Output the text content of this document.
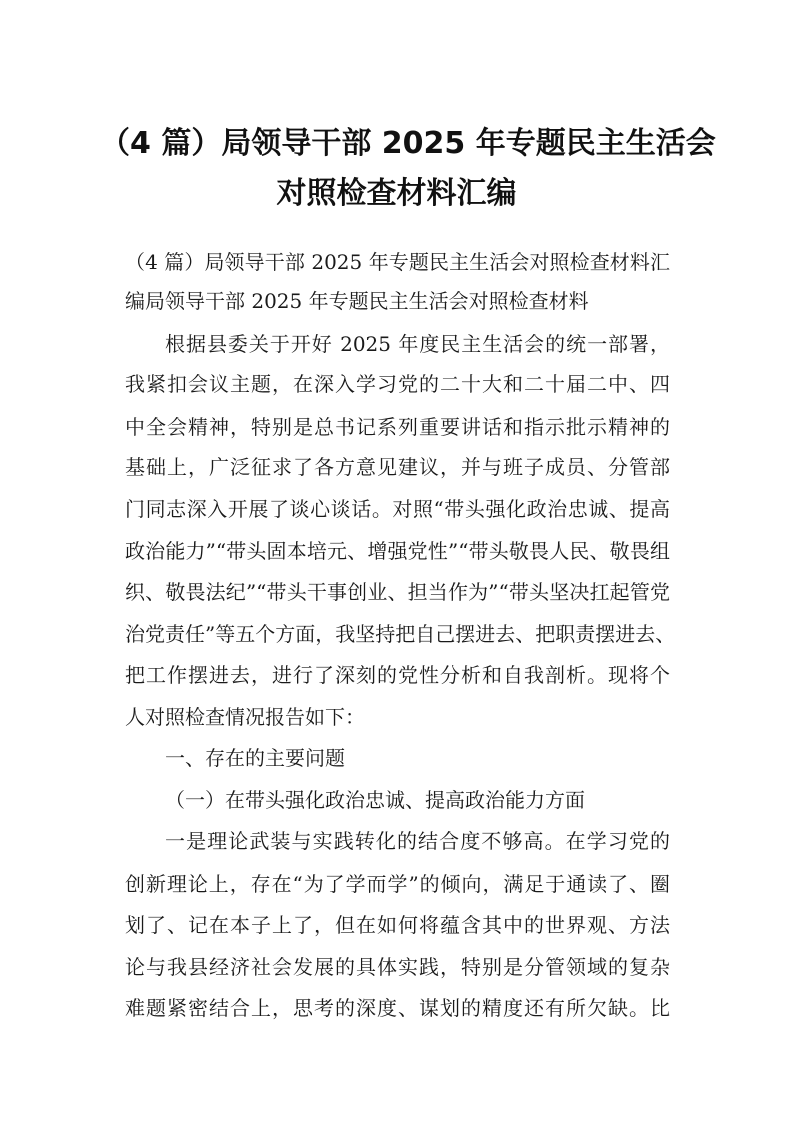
（4 篇）局领导干部 2025 年专题民主生活会
对照检查材料汇编
（4 篇）局领导干部 2025 年专题民主生活会对照检查材料汇
编局领导干部 2025 年专题民主生活会对照检查材料
根据县委关于开好 2025 年度民主生活会的统一部署，
我紧扣会议主题，在深入学习党的二十大和二十届二中、四
中全会精神，特别是总书记系列重要讲话和指示批示精神的
基础上，广泛征求了各方意见建议，并与班子成员、分管部
门同志深入开展了谈心谈话。对照“带头强化政治忠诚、提高
政治能力”“带头固本培元、增强党性”“带头敬畏人民、敬畏组
织、敬畏法纪”“带头干事创业、担当作为”“带头坚决扛起管党
治党责任”等五个方面，我坚持把自己摆进去、把职责摆进去、
把工作摆进去，进行了深刻的党性分析和自我剖析。现将个
人对照检查情况报告如下：
一、存在的主要问题
（一）在带头强化政治忠诚、提高政治能力方面
一是理论武装与实践转化的结合度不够高。在学习党的
创新理论上，存在“为了学而学”的倾向，满足于通读了、圈
划了、记在本子上了，但在如何将蕴含其中的世界观、方法
论与我县经济社会发展的具体实践，特别是分管领域的复杂
难题紧密结合上，思考的深度、谋划的精度还有所欠缺。比
